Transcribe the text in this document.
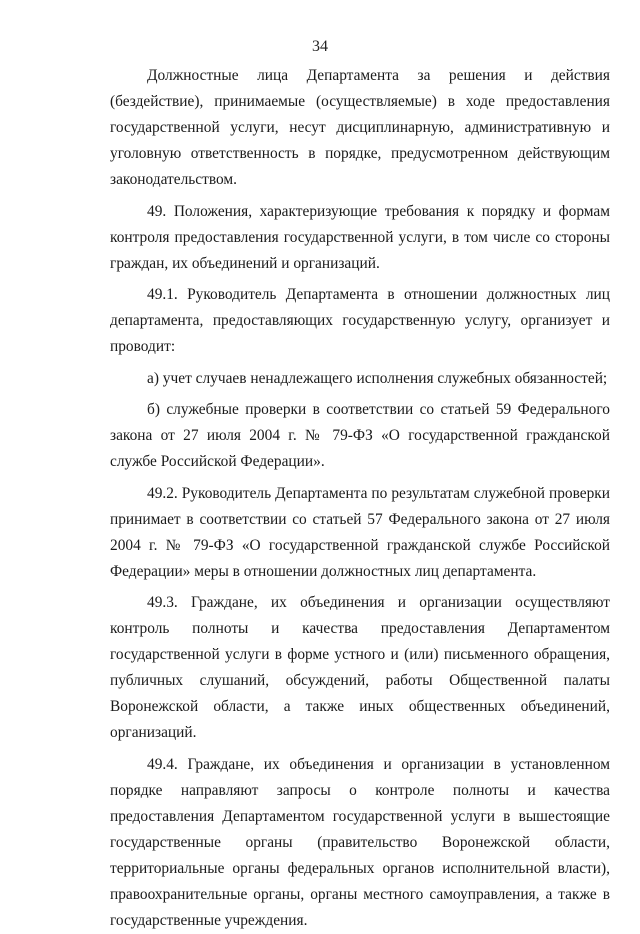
34

Должностные лица Департамента за решения и действия (бездействие), принимаемые (осуществляемые) в ходе предоставления государственной услуги, несут дисциплинарную, административную и уголовную ответственность в порядке, предусмотренном действующим законодательством.

49. Положения, характеризующие требования к порядку и формам контроля предоставления государственной услуги, в том числе со стороны граждан, их объединений и организаций.

49.1. Руководитель Департамента в отношении должностных лиц департамента, предоставляющих государственную услугу, организует и проводит:

а) учет случаев ненадлежащего исполнения служебных обязанностей;

б) служебные проверки в соответствии со статьей 59 Федерального закона от 27 июля 2004 г. № 79-ФЗ «О государственной гражданской службе Российской Федерации».

49.2. Руководитель Департамента по результатам служебной проверки принимает в соответствии со статьей 57 Федерального закона от 27 июля 2004 г. № 79-ФЗ «О государственной гражданской службе Российской Федерации» меры в отношении должностных лиц департамента.

49.3. Граждане, их объединения и организации осуществляют контроль полноты и качества предоставления Департаментом государственной услуги в форме устного и (или) письменного обращения, публичных слушаний, обсуждений, работы Общественной палаты Воронежской области, а также иных общественных объединений, организаций.

49.4. Граждане, их объединения и организации в установленном порядке направляют запросы о контроле полноты и качества предоставления Департаментом государственной услуги в вышестоящие государственные органы (правительство Воронежской области, территориальные органы федеральных органов исполнительной власти), правоохранительные органы, органы местного самоуправления, а также в государственные учреждения.
